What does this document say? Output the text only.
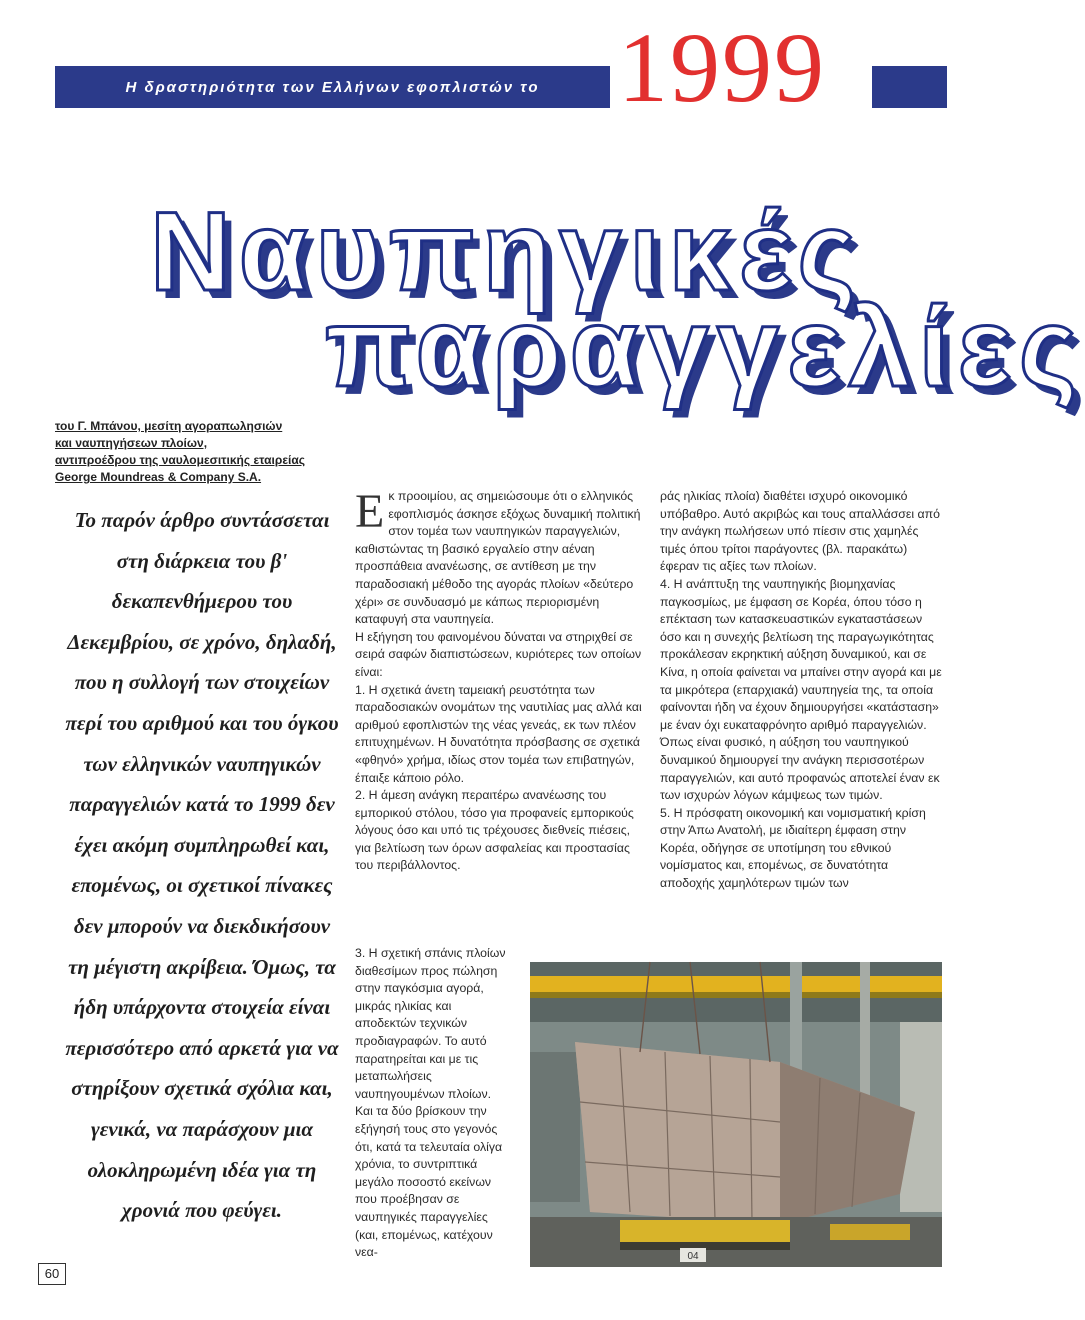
Η δραστηριότητα των Ελλήνων εφοπλιστών το 1999
Ναυπηγικές
παραγγελίες
του Γ. Μπάνου, μεσίτη αγοραπωλησιών
και ναυπηγήσεων πλοίων,
αντιπροέδρου της ναυλομεσιτικής εταιρείας
George Moundreas & Company S.A.

Το παρόν άρθρο συντάσσεται στη διάρκεια του β' δεκαπενθήμερου του Δεκεμβρίου, σε χρόνο, δηλαδή, που η συλλογή των στοιχείων περί του αριθμού και του όγκου των ελληνικών ναυπηγικών παραγγελιών κατά το 1999 δεν έχει ακόμη συμπληρωθεί και, επομένως, οι σχετικοί πίνακες δεν μπορούν να διεκδικήσουν τη μέγιστη ακρίβεια. Όμως, τα ήδη υπάρχοντα στοιχεία είναι περισσότερο από αρκετά για να στηρίξουν σχετικά σχόλια και, γενικά, να παράσχουν μια ολοκληρωμένη ιδέα για τη χρονιά που φεύγει.

Εκ προοιμίου, ας σημειώσουμε ότι ο ελληνικός εφοπλισμός άσκησε εξόχως δυναμική πολιτική στον τομέα των ναυπηγικών παραγγελιών, καθιστώντας τη βασικό εργαλείο στην αέναη προσπάθεια ανανέωσης, σε αντίθεση με την παραδοσιακή μέθοδο της αγοράς πλοίων «δεύτερο χέρι» σε συνδυασμό με κάπως περιορισμένη καταφυγή στα ναυπηγεία.

Η εξήγηση του φαινομένου δύναται να στηριχθεί σε σειρά σαφών διαπιστώσεων, κυριότερες των οποίων είναι:

1. Η σχετικά άνετη ταμειακή ρευστότητα των παραδοσιακών ονομάτων της ναυτιλίας μας αλλά και αριθμού εφοπλιστών της νέας γενεάς, εκ των πλέον επιτυχημένων. Η δυνατότητα πρόσβασης σε σχετικά «φθηνό» χρήμα, ιδίως στον τομέα των επιβατηγών, έπαιξε κάποιο ρόλο.

2. Η άμεση ανάγκη περαιτέρω ανανέωσης του εμπορικού στόλου, τόσο για προφανείς εμπορικούς λόγους όσο και υπό τις τρέχουσες διεθνείς πιέσεις, για βελτίωση των όρων ασφαλείας και προστασίας του περιβάλλοντος.

3. Η σχετική σπάνις πλοίων διαθεσίμων προς πώληση στην παγκόσμια αγορά, μικράς ηλικίας και αποδεκτών τεχνικών προδιαγραφών. Το αυτό παρατηρείται και με τις μεταπωλήσεις ναυπηγουμένων πλοίων. Και τα δύο βρίσκουν την εξήγησή τους στο γεγονός ότι, κατά τα τελευταία ολίγα χρόνια, το συντριπτικά μεγάλο ποσοστό εκείνων που προέβησαν σε ναυπηγικές παραγγελίες (και, επομένως, κατέχουν νεα-

ράς ηλικίας πλοία) διαθέτει ισχυρό οικονομικό υπόβαθρο. Αυτό ακριβώς και τους απαλλάσσει από την ανάγκη πωλήσεων υπό πίεσιν στις χαμηλές τιμές όπου τρίτοι παράγοντες (βλ. παρακάτω) έφεραν τις αξίες των πλοίων.

4. Η ανάπτυξη της ναυπηγικής βιομηχανίας παγκοσμίως, με έμφαση σε Κορέα, όπου τόσο η επέκταση των κατασκευαστικών εγκαταστάσεων όσο και η συνεχής βελτίωση της παραγωγικότητας προκάλεσαν εκρηκτική αύξηση δυναμικού, και σε Κίνα, η οποία φαίνεται να μπαίνει στην αγορά και με τα μικρότερα (επαρχιακά) ναυπηγεία της, τα οποία φαίνονται ήδη να έχουν δημιουργήσει «κατάσταση» με έναν όχι ευκαταφρόνητο αριθμό παραγγελιών. Όπως είναι φυσικό, η αύξηση του ναυπηγικού δυναμικού δημιουργεί την ανάγκη περισσοτέρων παραγγελιών, και αυτό προφανώς αποτελεί έναν εκ των ισχυρών λόγων κάμψεως των τιμών.

5. Η πρόσφατη οικονομική και νομισματική κρίση στην Άπω Ανατολή, με ιδιαίτερη έμφαση στην Κορέα, οδήγησε σε υποτίμηση του εθνικού νομίσματος και, επομένως, σε δυνατότητα αποδοχής χαμηλότερων τιμών των

04
60
